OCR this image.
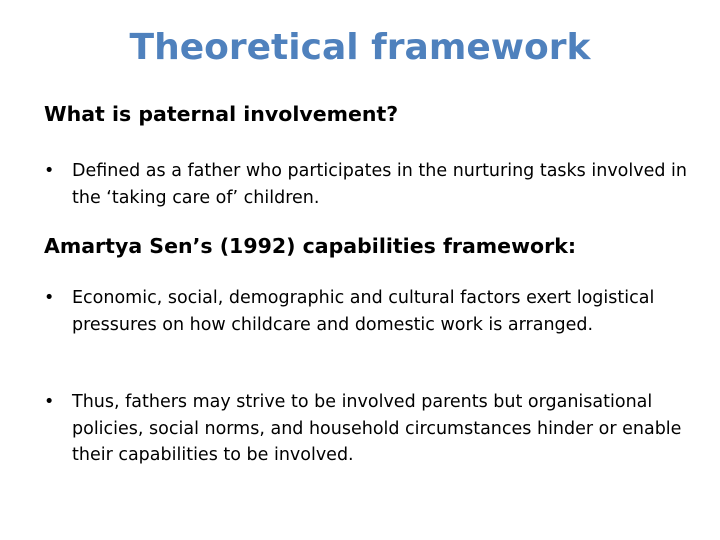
Theoretical framework
What is paternal involvement?
•	Defined as a father who participates in the nurturing tasks involved in the ‘taking care of’ children.
Amartya Sen’s (1992) capabilities framework:
•	Economic, social, demographic and cultural factors exert logistical pressures on how childcare and domestic work is arranged.
•	Thus, fathers may strive to be involved parents but organisational policies, social norms, and household circumstances hinder or enable their capabilities to be involved.
